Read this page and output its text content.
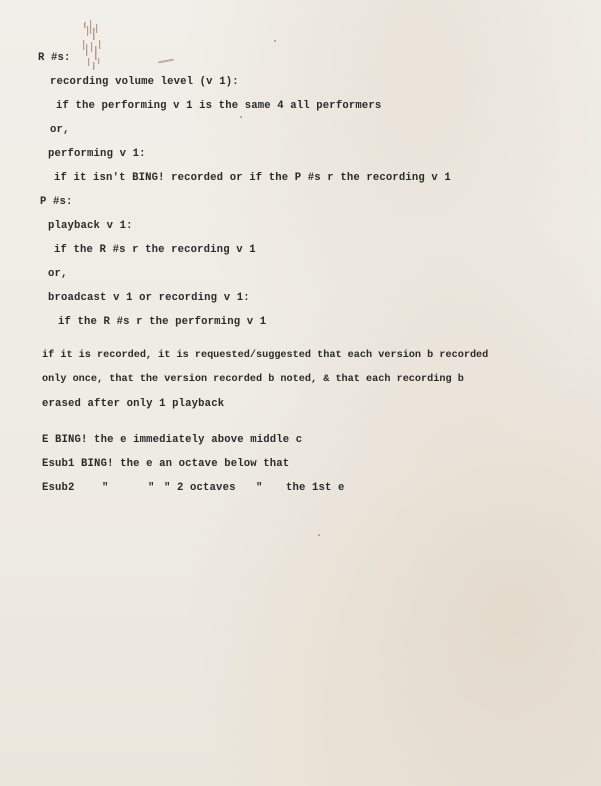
R #s:
recording volume level (v 1):
if the performing v 1 is the same 4 all performers
or,
performing v 1:
if it isn't BING! recorded or if the P #s r the recording v 1
P #s:
playback v 1:
if the R #s r the recording v 1
or,
broadcast v 1 or recording v 1:
if the R #s r the performing v 1
if it is recorded, it is requested/suggested that each version b recorded
only once, that the version recorded b noted, & that each recording b
erased after only 1 playback
E BING! the e immediately above middle c
Esub1 BING! the e an octave below that
Esub2	"	" " 2 octaves " the 1st e
